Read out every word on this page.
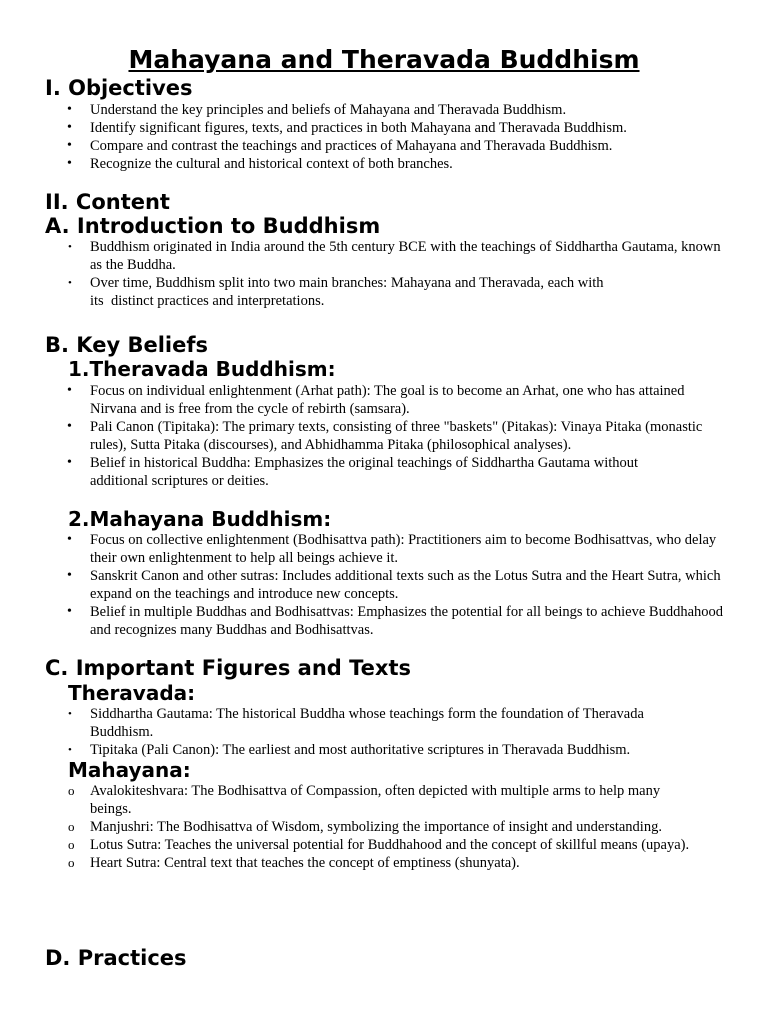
Mahayana and Theravada Buddhism
I. Objectives
• Understand the key principles and beliefs of Mahayana and Theravada Buddhism.
• Identify significant figures, texts, and practices in both Mahayana and Theravada Buddhism.
• Compare and contrast the teachings and practices of Mahayana and Theravada Buddhism.
• Recognize the cultural and historical context of both branches.
II. Content
A. Introduction to Buddhism
• Buddhism originated in India around the 5th century BCE with the teachings of Siddhartha Gautama, known as the Buddha.
• Over time, Buddhism split into two main branches: Mahayana and Theravada, each with its  distinct practices and interpretations.
B. Key Beliefs
1.Theravada Buddhism:
• Focus on individual enlightenment (Arhat path): The goal is to become an Arhat, one who has attained Nirvana and is free from the cycle of rebirth (samsara).
• Pali Canon (Tipitaka): The primary texts, consisting of three "baskets" (Pitakas): Vinaya Pitaka (monastic rules), Sutta Pitaka (discourses), and Abhidhamma Pitaka (philosophical analyses).
• Belief in historical Buddha: Emphasizes the original teachings of Siddhartha Gautama without additional scriptures or deities.
2.Mahayana Buddhism:
• Focus on collective enlightenment (Bodhisattva path): Practitioners aim to become Bodhisattvas, who delay their own enlightenment to help all beings achieve it.
• Sanskrit Canon and other sutras: Includes additional texts such as the Lotus Sutra and the Heart Sutra, which expand on the teachings and introduce new concepts.
• Belief in multiple Buddhas and Bodhisattvas: Emphasizes the potential for all beings to achieve Buddhahood and recognizes many Buddhas and Bodhisattvas.
C. Important Figures and Texts
Theravada:
• Siddhartha Gautama: The historical Buddha whose teachings form the foundation of Theravada Buddhism.
• Tipitaka (Pali Canon): The earliest and most authoritative scriptures in Theravada Buddhism.
Mahayana:
o Avalokiteshvara: The Bodhisattva of Compassion, often depicted with multiple arms to help many beings.
o Manjushri: The Bodhisattva of Wisdom, symbolizing the importance of insight and understanding.
o Lotus Sutra: Teaches the universal potential for Buddhahood and the concept of skillful means (upaya).
o Heart Sutra: Central text that teaches the concept of emptiness (shunyata).
D. Practices
